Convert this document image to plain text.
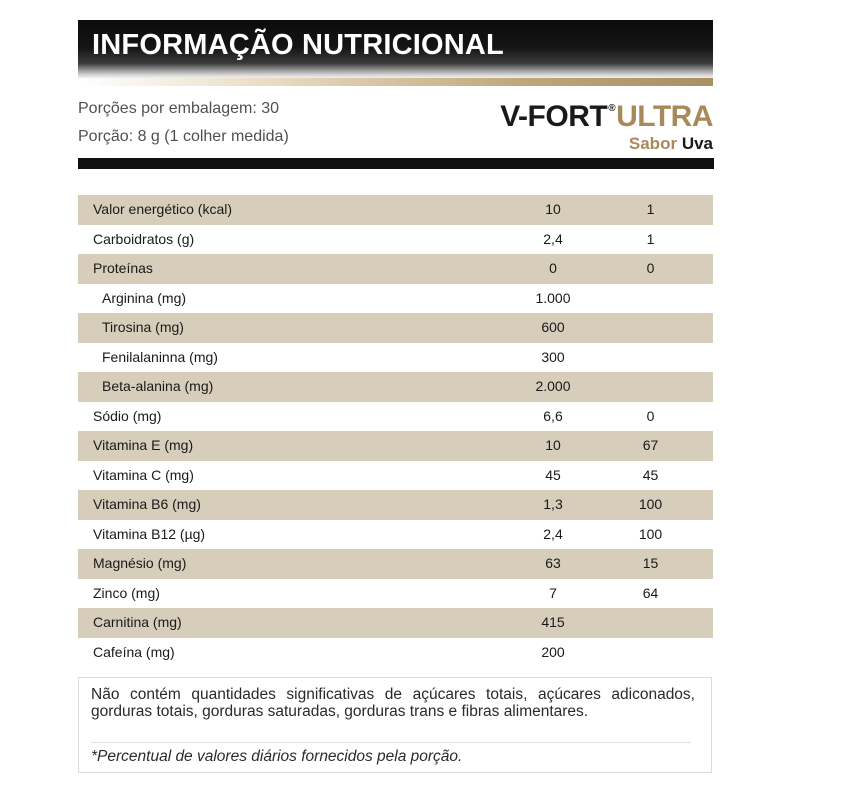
INFORMAÇÃO NUTRICIONAL
Porções por embalagem: 30
Porção: 8 g (1 colher medida)
V-FORT®ULTRA
Sabor Uva
Valor energético (kcal)	10	1
Carboidratos (g)	2,4	1
Proteínas	0	0
Arginina (mg)	1.000
Tirosina (mg)	600
Fenilalaninna (mg)	300
Beta-alanina (mg)	2.000
Sódio (mg)	6,6	0
Vitamina E (mg)	10	67
Vitamina C (mg)	45	45
Vitamina B6 (mg)	1,3	100
Vitamina B12 (µg)	2,4	100
Magnésio (mg)	63	15
Zinco (mg)	7	64
Carnitina (mg)	415
Cafeína (mg)	200

Não contém quantidades significativas de açúcares totais, açúcares adiconados, gorduras totais, gorduras saturadas, gorduras trans e fibras alimentares.

*Percentual de valores diários fornecidos pela porção.
